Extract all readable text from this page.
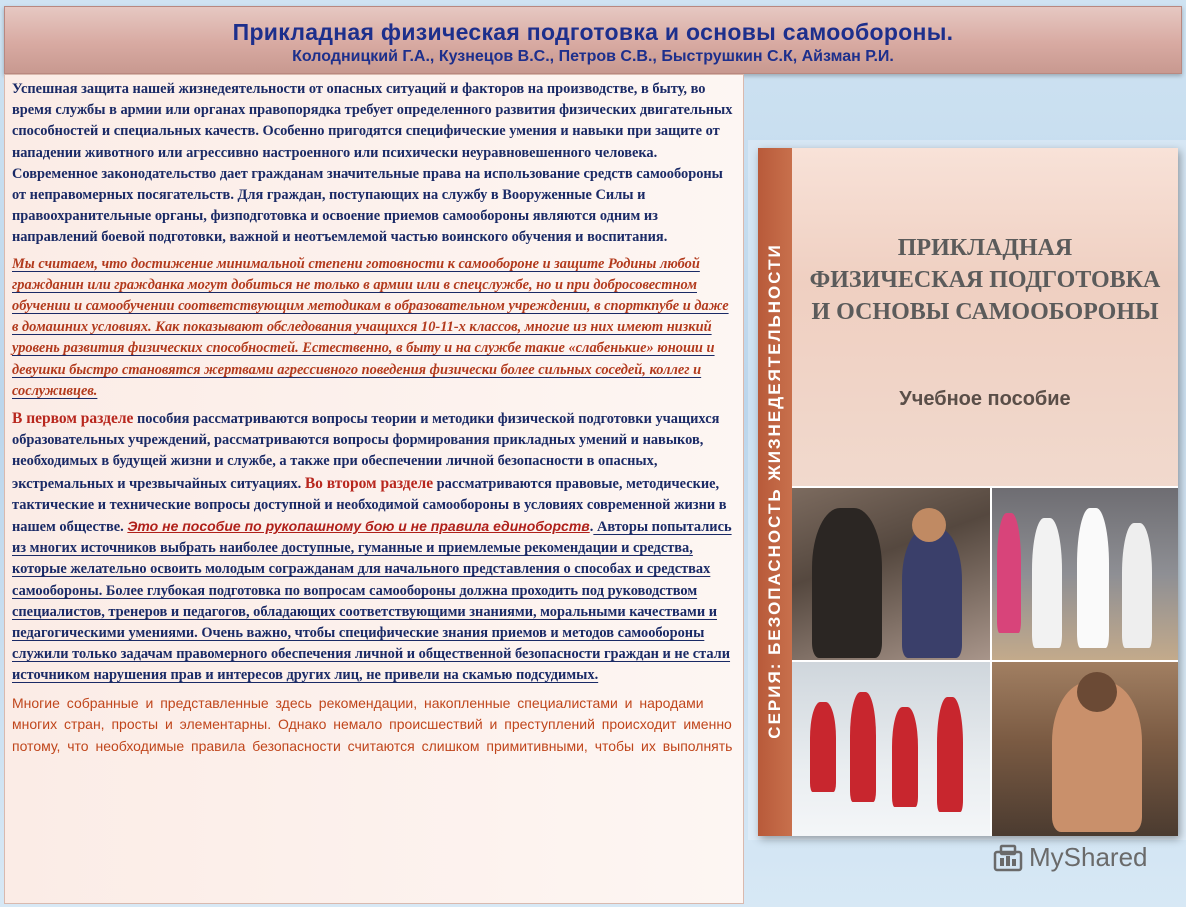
Прикладная физическая подготовка и основы самообороны.
Колодницкий Г.А., Кузнецов В.С., Петров С.В., Быструшкин С.К, Айзман Р.И.

Успешная защита нашей жизнедеятельности от опасных ситуаций и факторов на производстве, в быту, во время службы в армии или органах правопорядка требует определенного развития физических двигательных способностей и специальных качеств. Особенно пригодятся специфические умения и навыки при защите от нападении животного или агрессивно настроенного или психически неуравновешенного человека. Современное законодательство дает гражданам значительные права на использование средств самообороны от неправомерных посягательств. Для граждан, поступающих на службу в Вооруженные Силы и правоохранительные органы, физподготовка и освоение приемов самообороны являются одним из направлений боевой подготовки, важной и неотъемлемой частью воинского обучения и воспитания.

Мы считаем, что достижение минимальной степени готовности к самообороне и защите Родины любой гражданин или гражданка могут добиться не только в армии или в спецслужбе, но и при добросовестном обучении и самообучении соответствующим методикам в образовательном учреждении, в спорткпубе и даже в домашних условиях. Как показывают обследования учащихся 10-11-х классов, многие из них имеют низкий уровень развития физических способностей. Естественно, в быту и на службе такие «слабенькие» юноши и девушки быстро становятся жертвами агрессивного поведения физически более сильных соседей, коллег и сослуживцев.

В первом разделе пособия рассматриваются вопросы теории и методики физической подготовки учащихся образовательных учреждений, рассматриваются вопросы формирования прикладных умений и навыков, необходимых в будущей жизни и службе, а также при обеспечении личной безопасности в опасных, экстремальных и чрезвычайных ситуациях. Во втором разделе рассматриваются правовые, методические, тактические и технические вопросы доступной и необходимой самообороны в условиях современной жизни в нашем обществе. Это не пособие по рукопашному бою и не правила единоборств. Авторы попытались из многих источников выбрать наиболее доступные, гуманные и приемлемые рекомендации и средства, которые желательно освоить молодым согражданам для начального представления о способах и средствах самообороны. Более глубокая подготовка по вопросам самообороны должна проходить под руководством специалистов, тренеров и педагогов, обладающих соответствующими знаниями, моральными качествами и педагогическими умениями. Очень важно, чтобы специфические знания приемов и методов самообороны служили только задачам правомерного обеспечения личной и общественной безопасности граждан и не стали источником нарушения прав и интересов других лиц, не привели на скамью подсудимых.

Многие собранные и представленные здесь рекомендации, накопленные специалистами и народами многих стран, просты и элементарны. Однако немало происшествий и преступлений происходит именно потому, что необходимые правила безопасности считаются слишком примитивными, чтобы их выполнять

СЕРИЯ: БЕЗОПАСНОСТЬ ЖИЗНЕДЕЯТЕЛЬНОСТИ	ПРИКЛАДНАЯ
ФИЗИЧЕСКАЯ ПОДГОТОВКА
И ОСНОВЫ САМООБОРОНЫ
Учебное пособие
MyShared
